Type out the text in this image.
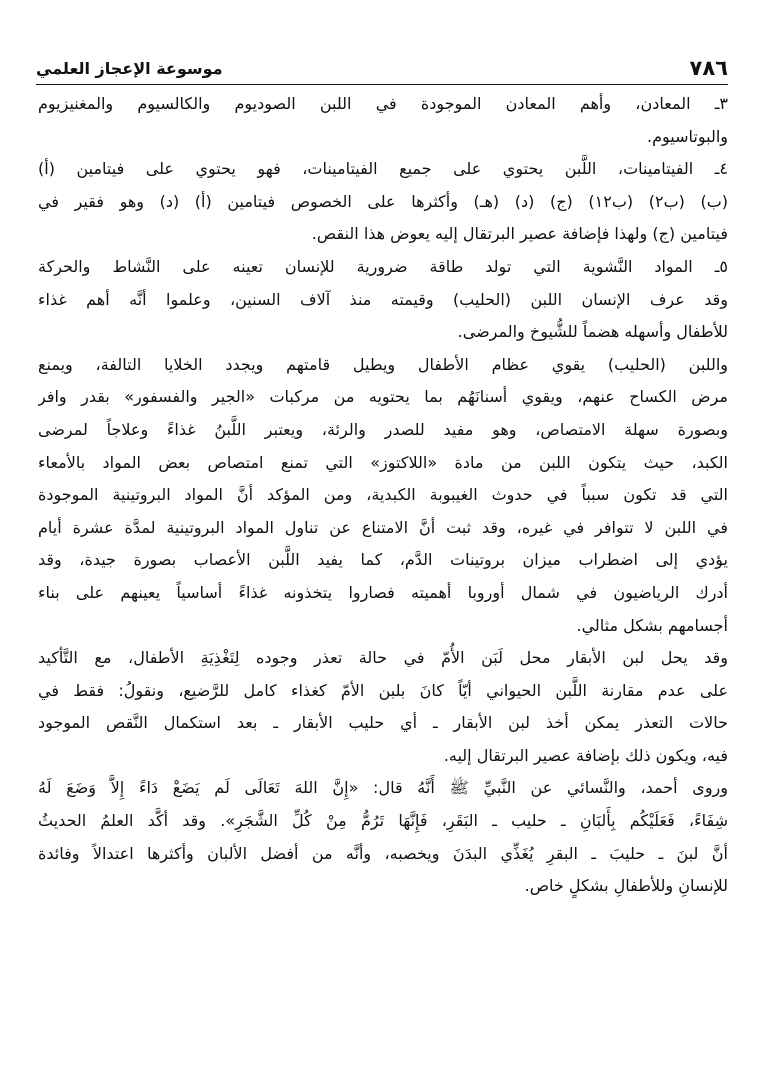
٧٨٦
موسوعة الإعجاز العلمي
٣ـ المعادن، وأهم المعادن الموجودة في اللبن الصوديوم والكالسيوم والمغنيزيوم
والبوتاسيوم.
٤ـ الفيتامينات، اللَّبن يحتوي على جميع الفيتامينات، فهو يحتوي على فيتامين (أ)
(ب) (ب٢) (ب١٢) (ج) (د) (هـ) وأكثرها على الخصوص فيتامين (أ) (د) وهو فقير في
فيتامين (ج) ولهذا فإضافة عصير البرتقال إليه يعوض هذا النقص.
٥ـ المواد النَّشوية التي تولد طاقة ضرورية للإنسان تعينه على النَّشاط والحركة
وقد عرف الإنسان اللبن (الحليب) وقيمته منذ آلاف السنين، وعلموا أنَّه أهم غذاء
للأطفال وأسهله هضماً للشُّيوخ والمرضى.
واللبن (الحليب) يقوي عظام الأطفال ويطيل قامتهم ويجدد الخلايا التالفة، ويمنع
مرض الكساح عنهم، ويقوي أسنانَهُم بما يحتويه من مركبات «الجير والفسفور» بقدر وافر
وبصورة سهلة الامتصاص، وهو مفيد للصدر والرئة، ويعتبر اللَّبنُ غذاءً وعلاجاً لمرضى
الكبد، حيث يتكون اللبن من مادة «اللاكتوز» التي تمنع امتصاص بعض المواد بالأمعاء
التي قد تكون سبباً في حدوث الغيبوبة الكبدية، ومن المؤكد أنَّ المواد البروتينية الموجودة
في اللبن لا تتوافر في غيره، وقد ثبت أنَّ الامتناع عن تناول المواد البروتينية لمدَّة عشرة أيام
يؤدي إلى اضطراب ميزان بروتينات الدَّم، كما يفيد اللَّبن الأعصاب بصورة جيدة، وقد
أدرك الرياضيون في شمال أوروبا أهميته فصاروا يتخذونه غذاءً أساسياً يعينهم على بناء
أجسامهم بشكل مثالي.
وقد يحل لبن الأبقار محل لَبَن الأُمّ في حالة تعذر وجوده لِتَغْذِيَةِ الأطفال، مع التَّأكيد
على عدم مقارنة اللَّبن الحيواني أيّاً كانَ بلبن الأمّ كغذاء كامل للرَّضيع، ونقولُ: فقط في
حالات التعذر يمكن أخذ لبن الأبقار ـ أي حليب الأبقار ـ بعد استكمال النَّقص الموجود
فيه، ويكون ذلك بإضافة عصير البرتقال إليه.
وروى أحمد، والنَّسائي عن النَّبيِّ ﷺ أَنَّهُ قال: «إِنَّ اللهَ تَعَالَى لَم يَضَعْ دَاءً إِلاَّ وَضَعَ لَهُ
شِفَاءً، فَعَلَيْكُم بِأَلبَانِ ـ حليب ـ البَقَرِ، فَإِنَّهَا تَرُمُّ مِنْ كُلِّ الشَّجَرِ». وقد أكَّد العلمُ الحديثُ
أنَّ لبنَ ـ حليبَ ـ البقرِ يُغَذِّي البدَنَ ويخصبه، وأنَّه من أفضل الألبان وأكثرها اعتدالاً وفائدة
للإنسانِ وللأطفالِ بشكلٍ خاص.
